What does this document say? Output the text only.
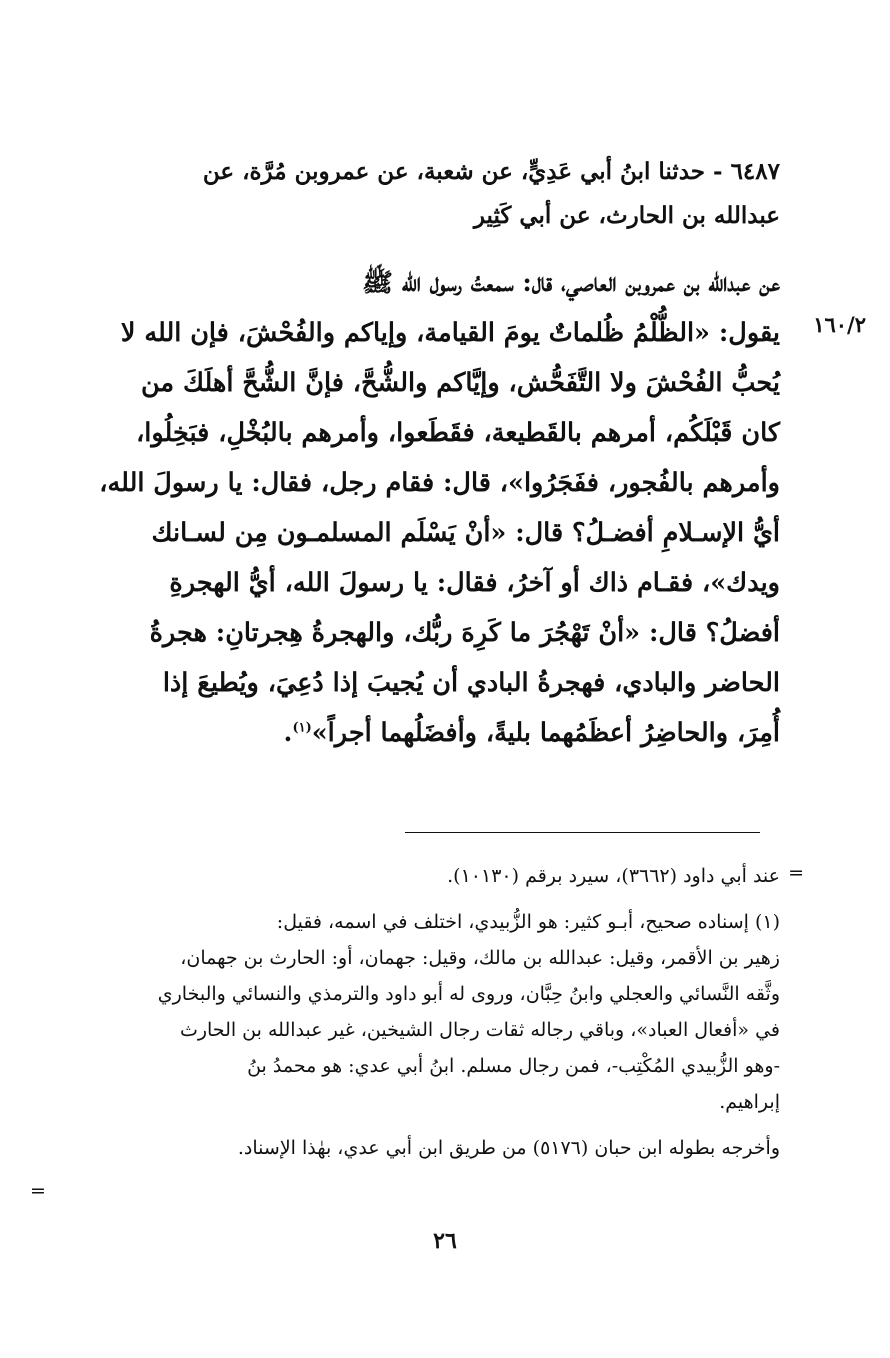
٦٤٨٧ - حدثنا ابنُ أبي عَدِيٍّ، عن شعبة، عن عمروبن مُرَّة، عن
عبدالله بن الحارث، عن أبي كَثِير
١٦٠/٢
عن عبدالله بن عمروبن العاصي، قال: سمعتُ رسول الله ﷺ
يقول: «الظُّلْمُ ظُلماتٌ يومَ القيامة، وإياكم والفُحْشَ، فإن الله لا
يُحبُّ الفُحْشَ ولا التَّفَحُّش، وإيَّاكم والشُّحَّ، فإنَّ الشُّحَّ أهلَكَ من
كان قَبْلَكُم، أمرهم بالقَطيعة، فقَطَعوا، وأمرهم بالبُخْلِ، فبَخِلُوا،
وأمرهم بالفُجور، ففَجَرُوا»، قال: فقام رجل، فقال: يا رسولَ الله،
أيُّ الإسـلامِ أفضـلُ؟ قال: «أنْ يَسْلَم المسلمـون مِن لسـانك
ويدك»، فقـام ذاك أو آخرُ، فقال: يا رسولَ الله، أيُّ الهجرةِ
أفضلُ؟ قال: «أنْ تَهْجُرَ ما كَرِهَ ربُّك، والهجرةُ هِجرتانِ: هجرةُ
الحاضر والبادي، فهجرةُ البادي أن يُجيبَ إذا دُعِيَ، ويُطيعَ إذا
أُمِرَ، والحاضِرُ أعظَمُهما بليةً، وأفضَلُهما أجراً»$^{(١)}$.
=
عند أبي داود (٣٦٦٢)، سيرد برقم (١٠١٣٠).
(١) إسناده صحيح، أبـو كثير: هو الزُّبيدي، اختلف في اسمه، فقيل:
زهير بن الأقمر، وقيل: عبدالله بن مالك، وقيل: جهمان، أو: الحارث بن جهمان،
وثَّقه النَّسائي والعجلي وابنُ حِبَّان، وروى له أبو داود والترمذي والنسائي والبخاري
في «أفعال العباد»، وباقي رجاله ثقات رجال الشيخين، غير عبدالله بن الحارث
-وهو الزُّبيدي المُكْتِب-، فمن رجال مسلم. ابنُ أبي عدي: هو محمدُ بنُ
إبراهيم.
وأخرجه بطوله ابن حبان (٥١٧٦) من طريق ابن أبي عدي، بهٰذا الإسناد.
=
٢٦
